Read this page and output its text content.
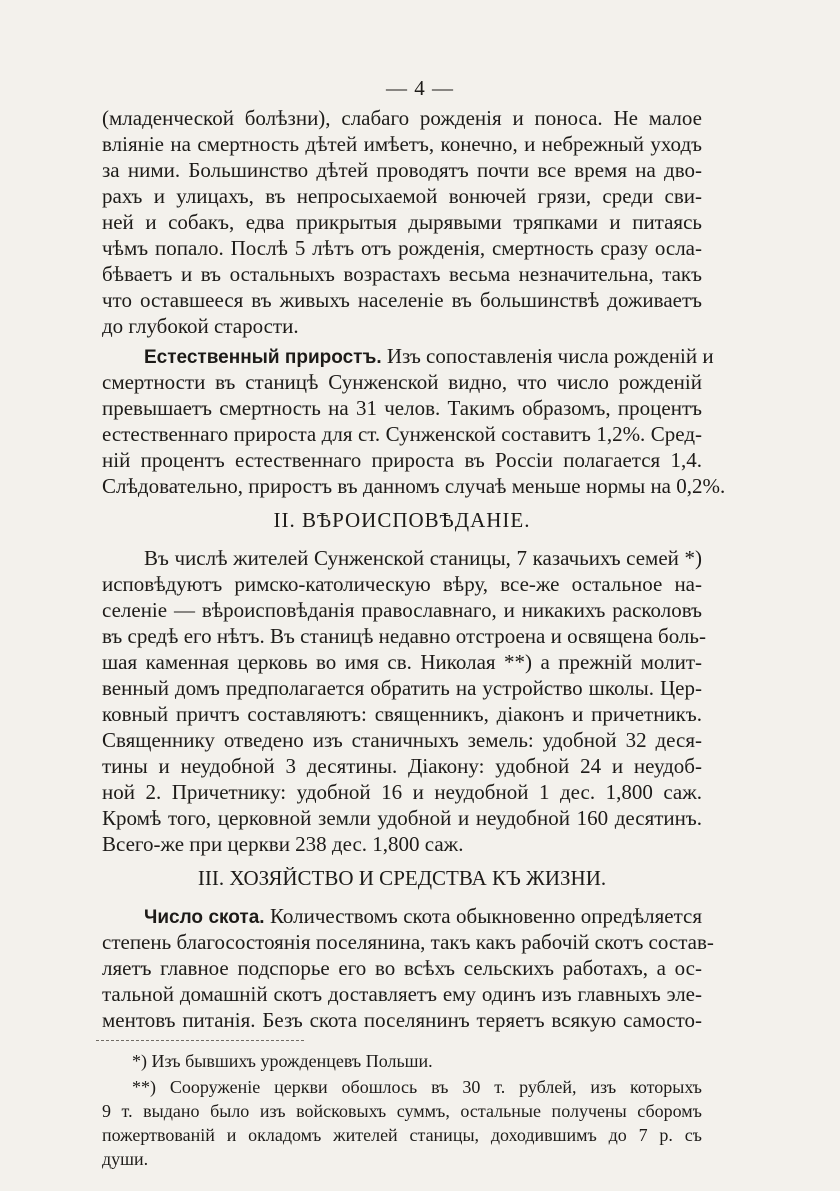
— 4 —
(младенческой болѣзни), слабаго рожденія и поноса. Не малое
вліяніе на смертность дѣтей имѣетъ, конечно, и небрежный уходъ
за ними. Большинство дѣтей проводятъ почти все время на дво-
рахъ и улицахъ, въ непросыхаемой вонючей грязи, среди сви-
ней и собакъ, едва прикрытыя дырявыми тряпками и питаясь
чѣмъ попало. Послѣ 5 лѣтъ отъ рожденія, смертность сразу осла-
бѣваетъ и въ остальныхъ возрастахъ весьма незначительна, такъ
что оставшееся въ живыхъ населеніе въ большинствѣ доживаетъ
до глубокой старости.
Естественный приростъ. Изъ сопоставленія числа рожденій и
смертности въ станицѣ Сунженской видно, что число рожденій
превышаетъ смертность на 31 челов. Такимъ образомъ, процентъ
естественнаго прироста для ст. Сунженской составитъ 1,2%. Сред-
ній процентъ естественнаго прироста въ Россіи полагается 1,4.
Слѣдовательно, приростъ въ данномъ случаѣ меньше нормы на 0,2%.
II. ВѢРОИСПОВѢДАНІЕ.
Въ числѣ жителей Сунженской станицы, 7 казачьихъ семей *)
исповѣдуютъ римско-католическую вѣру, все-же остальное на-
селеніе — вѣроисповѣданія православнаго, и никакихъ расколовъ
въ средѣ его нѣтъ. Въ станицѣ недавно отстроена и освящена боль-
шая каменная церковь во имя св. Николая **) а прежній молит-
венный домъ предполагается обратить на устройство школы. Цер-
ковный причтъ составляютъ: священникъ, діаконъ и причетникъ.
Священнику отведено изъ станичныхъ земель: удобной 32 деся-
тины и неудобной 3 десятины. Діакону: удобной 24 и неудоб-
ной 2. Причетнику: удобной 16 и неудобной 1 дес. 1,800 саж.
Кромѣ того, церковной земли удобной и неудобной 160 десятинъ.
Всего-же при церкви 238 дес. 1,800 саж.
III. ХОЗЯЙСТВО И СРЕДСТВА КЪ ЖИЗНИ.
Число скота. Количествомъ скота обыкновенно опредѣляется
степень благосостоянія поселянина, такъ какъ рабочій скотъ состав-
ляетъ главное подспорье его во всѣхъ сельскихъ работахъ, а ос-
тальной домашній скотъ доставляетъ ему одинъ изъ главныхъ эле-
ментовъ питанія. Безъ скота поселянинъ теряетъ всякую самосто-
*) Изъ бывшихъ урожденцевъ Польши.
**) Сооруженіе церкви обошлось въ 30 т. рублей, изъ которыхъ
9 т. выдано было изъ войсковыхъ суммъ, остальные получены сборомъ
пожертвованій и окладомъ жителей станицы, доходившимъ до 7 р. съ
души.
